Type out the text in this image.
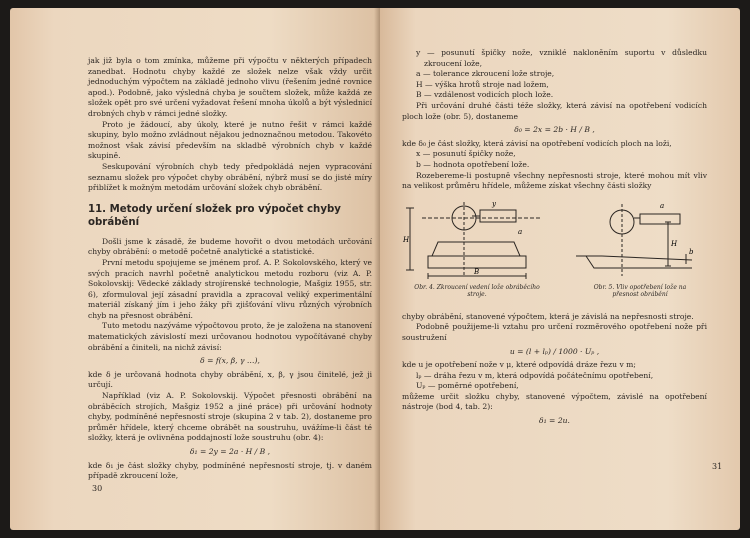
jak již byla o tom zmínka, můžeme při výpočtu v některých případech zanedbat. Hodnotu chyby každé ze složek nelze však vždy určit jednoduchým výpočtem na základě jednoho vlivu (řešením jedné rovnice apod.). Podobně, jako výsledná chyba je součtem složek, může každá ze složek opět pro své určení vyžadovat řešení mnoha úkolů a být výslednicí drobných chyb v rámci jedné složky.

Proto je žádoucí, aby úkoly, které je nutno řešit v rámci každé skupiny, bylo možno zvládnout nějakou jednoznačnou metodou. Takovéto možnost však závisí především na skladbě výrobních chyb v každé skupině.

Seskupování výrobních chyb tedy předpokládá nejen vypracování seznamu složek pro výpočet chyby obrábění, nýbrž musí se do jisté míry přiblížet k možným metodám určování složek chyb obrábění.

11. Metody určení složek pro výpočet chyby obrábění

Došli jsme k zásadě, že budeme hovořit o dvou metodách určování chyby obrábění: o metodě početně analytické a statistické.

První metodu spojujeme se jménem prof. A. P. Sokolovského, který ve svých pracích navrhl početně analytickou metodu rozboru (viz A. P. Sokolovskij: Vědecké základy strojírenské technologie, Mašgiz 1955, str. 6), zformuloval její zásadní pravidla a zpracoval veliký experimentální materiál získaný jím i jeho žáky při zjišťování vlivu různých výrobních chyb na přesnost obrábění.

Tuto metodu nazýváme výpočtovou proto, že je založena na stanovení matematických závislostí mezi určovanou hodnotou vypočítávané chyby obrábění a činiteli, na nichž závisí:

δ = f(x, β, γ …),

kde δ je určovaná hodnota chyby obrábění, x, β, γ jsou činitelé, jež ji určují.

Například (viz A. P. Sokolovskij. Výpočet přesnosti obrábění na obráběcích strojích, Mašgiz 1952 a jiné práce) při určování hodnoty chyby, podmíněné nepřesností stroje (skupina 2 v tab. 2), dostaneme pro průměr hřídele, který chceme obrábět na soustruhu, uvážíme-li část té složky, která je ovlivněna poddajností lože soustruhu (obr. 4):

δ₁ = 2y = 2a · H / B ,

kde δ₁ je část složky chyby, podmíněné nepřesností stroje, tj. v daném případě zkroucení lože,

30

y — posunutí špičky nože, vzniklé nakloněním suportu v důsledku zkroucení lože,

a — tolerance zkroucení lože stroje,

H — výška hrotů stroje nad ložem,

B — vzdálenost vodicích ploch lože.

Při určování druhé části téže složky, která závisí na opotřebení vodicích ploch lože (obr. 5), dostaneme

δ₀ = 2x = 2b · H / B ,

kde δ₀ je část složky, která závisí na opotřebení vodicích ploch na loži,

x — posunutí špičky nože,

b — hodnota opotřebení lože.

Rozebereme-li postupně všechny nepřesnosti stroje, které mohou mít vliv na velikost průměru hřídele, můžeme získat všechny části složky

y
a
H
B
Obr. 4. Zkroucení vedení lože obráběcího stroje.
a
H
b
Obr. 5. Vliv opotřebení lože na přesnost obrábění

chyby obrábění, stanovené výpočtem, která je závislá na nepřesnosti stroje.

Podobně použijeme-li vztahu pro určení rozměrového opotřebení nože při soustružení

u = (l + lₚ) / 1000 · Uₚ ,

kde u je opotřebení nože v μ, které odpovídá dráze řezu v m;

lₚ — dráha řezu v m, která odpovídá počátečnímu opotřebení,

Uₚ — poměrné opotřebení,

můžeme určit složku chyby, stanovené výpočtem, závislé na opotřebení nástroje (bod 4, tab. 2):

δ₁ = 2u.

31
